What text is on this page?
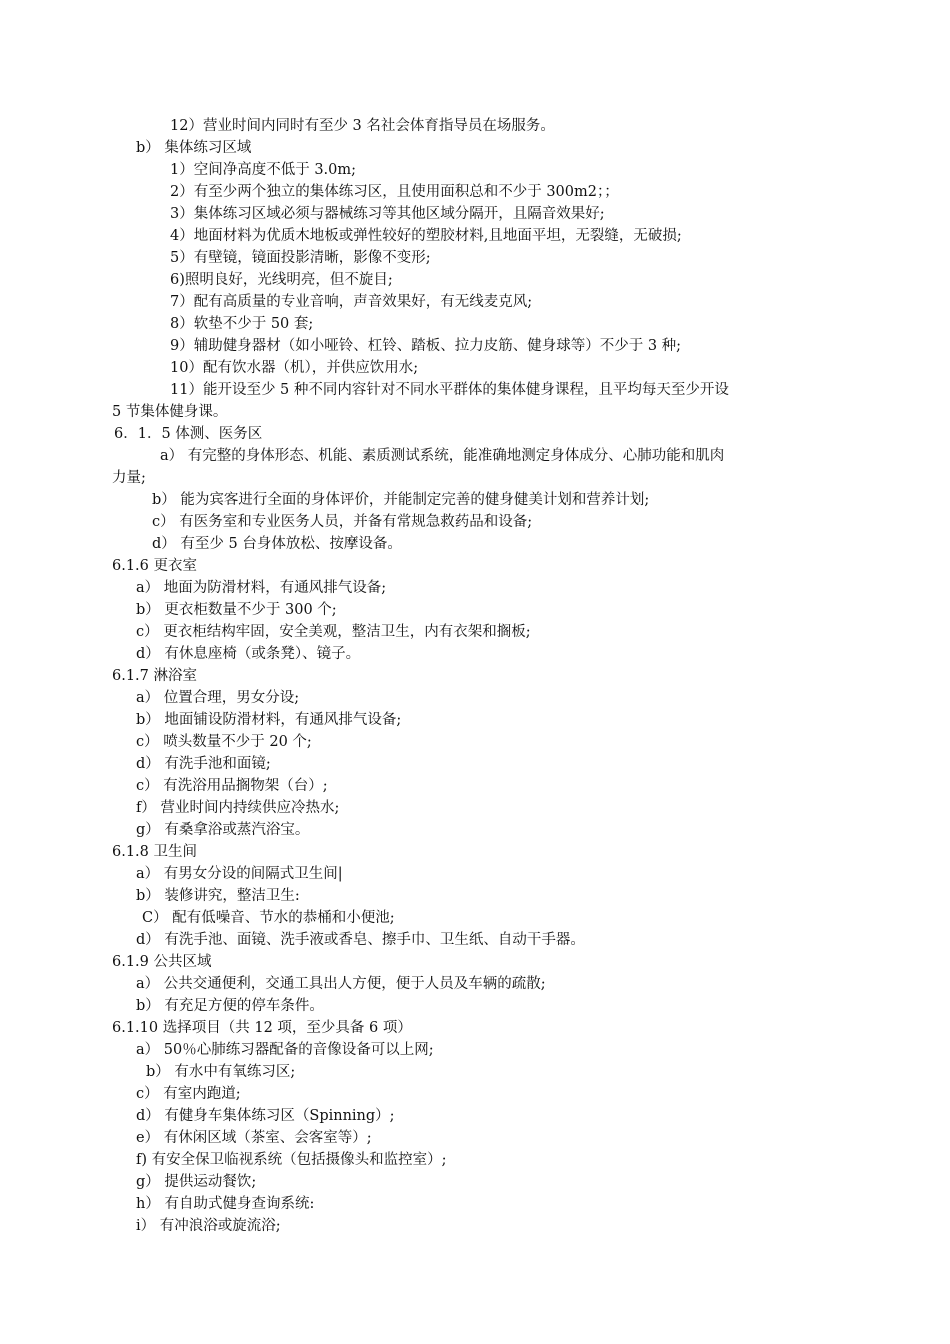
12）营业时间内同时有至少 3 名社会体育指导员在场服务。
b） 集体练习区域
1）空间净高度不低于 3.0m;
2）有至少两个独立的集体练习区，且使用面积总和不少于 300m2；；
3）集体练习区域必须与器械练习等其他区域分隔开，且隔音效果好;
4）地面材料为优质木地板或弹性较好的塑胶材料,且地面平坦，无裂缝，无破损;
5）有壁镜，镜面投影清晰，影像不变形;
6)照明良好，光线明亮，但不旋目;
7）配有高质量的专业音响，声音效果好，有无线麦克风;
8）软垫不少于 50 套;
9）辅助健身器材（如小哑铃、杠铃、踏板、拉力皮筋、健身球等）不少于 3 种;
10）配有饮水器（机），并供应饮用水;
11）能开设至少 5 种不同内容针对不同水平群体的集体健身课程，且平均每天至少开设
5 节集体健身课。
6．1．5 体测、医务区
a） 有完整的身体形态、机能、素质测试系统，能准确地测定身体成分、心肺功能和肌肉
力量;
b） 能为宾客进行全面的身体评价，并能制定完善的健身健美计划和营养计划;
c） 有医务室和专业医务人员，并备有常规急救药品和设备;
d） 有至少 5 台身体放松、按摩设备。
6.1.6 更衣室
a） 地面为防滑材料，有通风排气设备;
b） 更衣柜数量不少于 300 个;
c） 更衣柜结构牢固，安全美观，整洁卫生，内有衣架和搁板;
d） 有休息座椅（或条凳）、镜子。
6.1.7 淋浴室
a） 位置合理，男女分设;
b） 地面铺设防滑材料，有通风排气设备;
c） 喷头数量不少于 20 个;
d） 有洗手池和面镜;
c） 有洗浴用品搁物架（台）;
f） 营业时间内持续供应冷热水;
g） 有桑拿浴或蒸汽浴宝。
6.1.8 卫生间
a） 有男女分设的间隔式卫生间|
b） 装修讲究，整洁卫生:
C） 配有低噪音、节水的恭桶和小便池;
d） 有洗手池、面镜、洗手液或香皂、擦手巾、卫生纸、自动干手器。
6.1.9 公共区域
a） 公共交通便利，交通工具出人方便，便于人员及车辆的疏散;
b） 有充足方便的停车条件。
6.1.10 选择项目（共 12 项，至少具备 6 项）
a） 50％心肺练习器配备的音像设备可以上网;
b） 有水中有氧练习区;
c） 有室内跑道;
d） 有健身车集体练习区（Spinning）;
e） 有休闲区域（茶室、会客室等）;
f) 有安全保卫临视系统（包括摄像头和监控室）;
g） 提供运动餐饮;
h） 有自助式健身查询系统:
i） 有冲浪浴或旋流浴;
